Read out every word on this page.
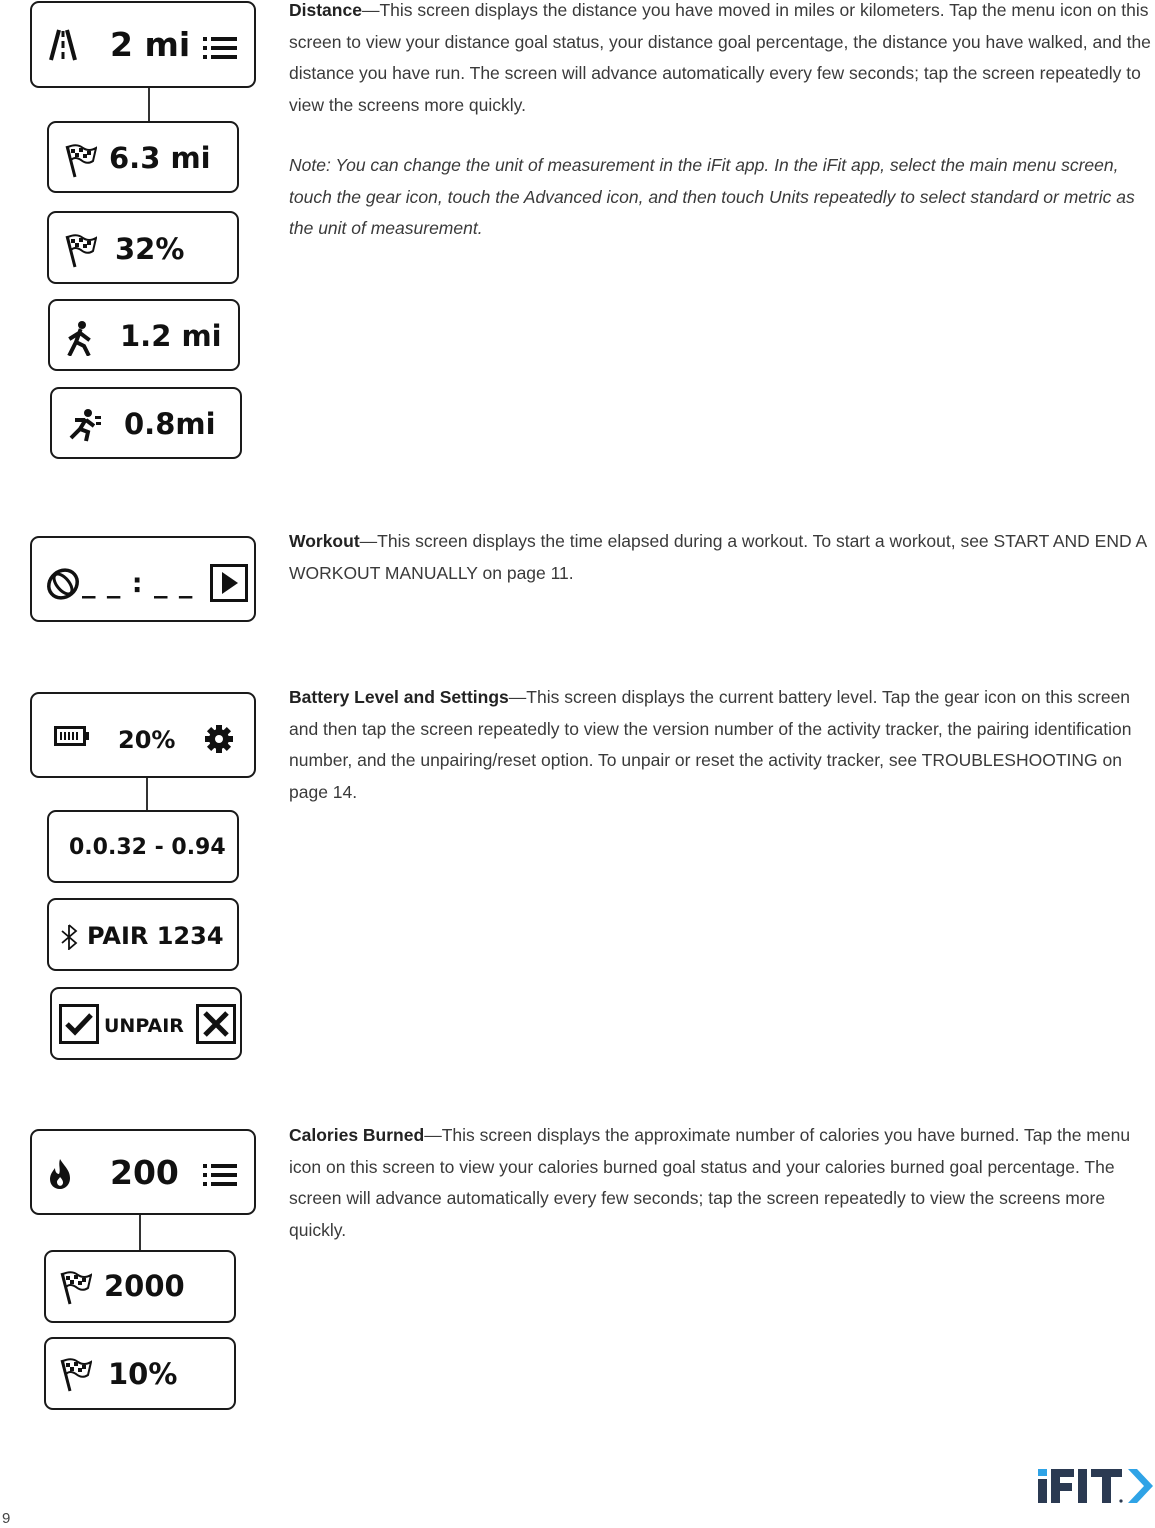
2 mi
6.3 mi
32%
1.2 mi
0.8mi

Distance—This screen displays the distance you have moved in miles or kilometers. Tap the menu icon on this screen to view your distance goal status, your distance goal percentage, the distance you have walked, and the distance you have run. The screen will advance automatically every few seconds; tap the screen repeatedly to view the screens more quickly.

Note: You can change the unit of measurement in the iFit app. In the iFit app, select the main menu screen, touch the gear icon, touch the Advanced icon, and then touch Units repeatedly to select standard or metric as the unit of measurement.

_ _ : _ _

Workout—This screen displays the time elapsed during a workout. To start a workout, see START AND END A WORKOUT MANUALLY on page 11.

20%
0.0.32 - 0.94
PAIR 1234
UNPAIR

Battery Level and Settings—This screen displays the current battery level. Tap the gear icon on this screen and then tap the screen repeatedly to view the version number of the activity tracker, the pairing identification number, and the unpairing/reset option. To unpair or reset the activity tracker, see TROUBLESHOOTING on page 14.

200
2000
10%

Calories Burned—This screen displays the approximate number of calories you have burned. Tap the menu icon on this screen to view your calories burned goal status and your calories burned goal percentage. The screen will advance automatically every few seconds; tap the screen repeatedly to view the screens more quickly.

9
